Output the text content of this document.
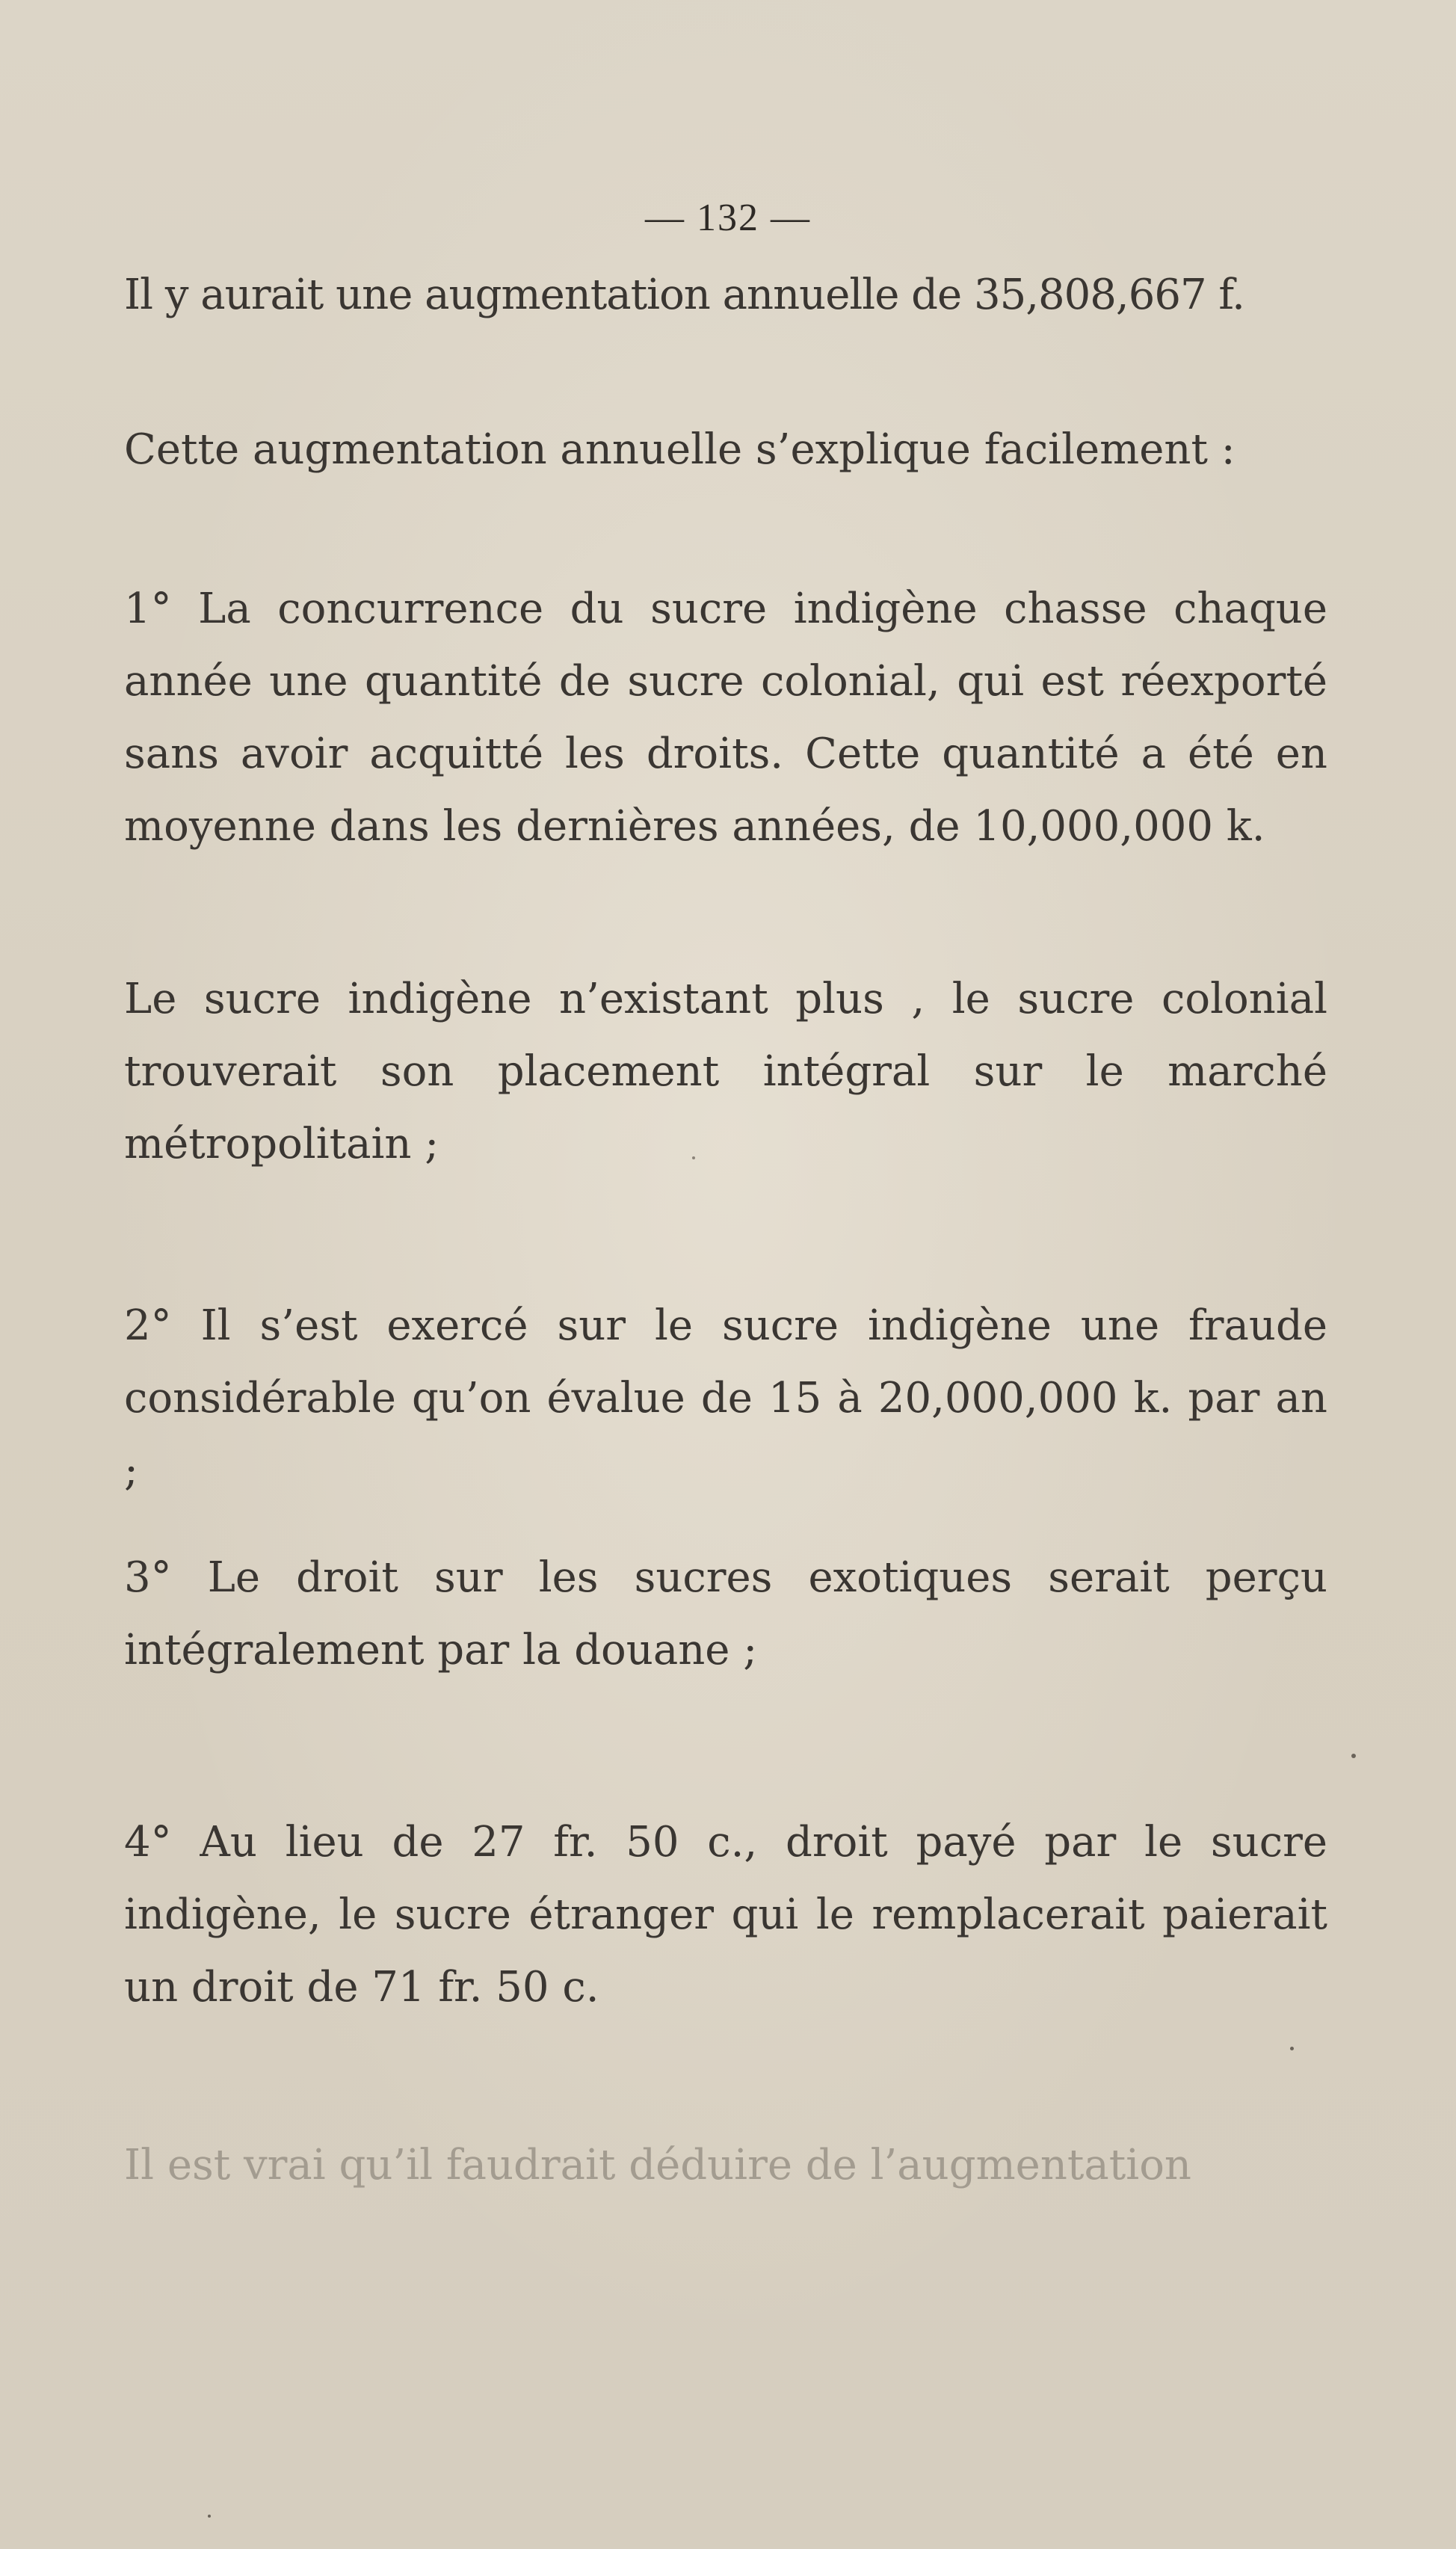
— 132 —
Il y aurait une augmentation annuelle de 35,808,667 f.
Cette augmentation annuelle s’explique facilement :
1° La concurrence du sucre indigène chasse chaque année une quantité de sucre colonial, qui est réexporté sans avoir acquitté les droits. Cette quantité a été en moyenne dans les dernières années, de 10,000,000 k.
Le sucre indigène n’existant plus , le sucre colonial trouverait son placement intégral sur le marché métropolitain ;
2° Il s’est exercé sur le sucre indigène une fraude considérable qu’on évalue de 15 à 20,000,000 k. par an ;
3° Le droit sur les sucres exotiques serait perçu intégralement par la douane ;
4° Au lieu de 27 fr. 50 c., droit payé par le sucre indigène, le sucre étranger qui le remplacerait paierait un droit de 71 fr. 50 c.
Il est vrai qu’il faudrait déduire de l’augmentation
